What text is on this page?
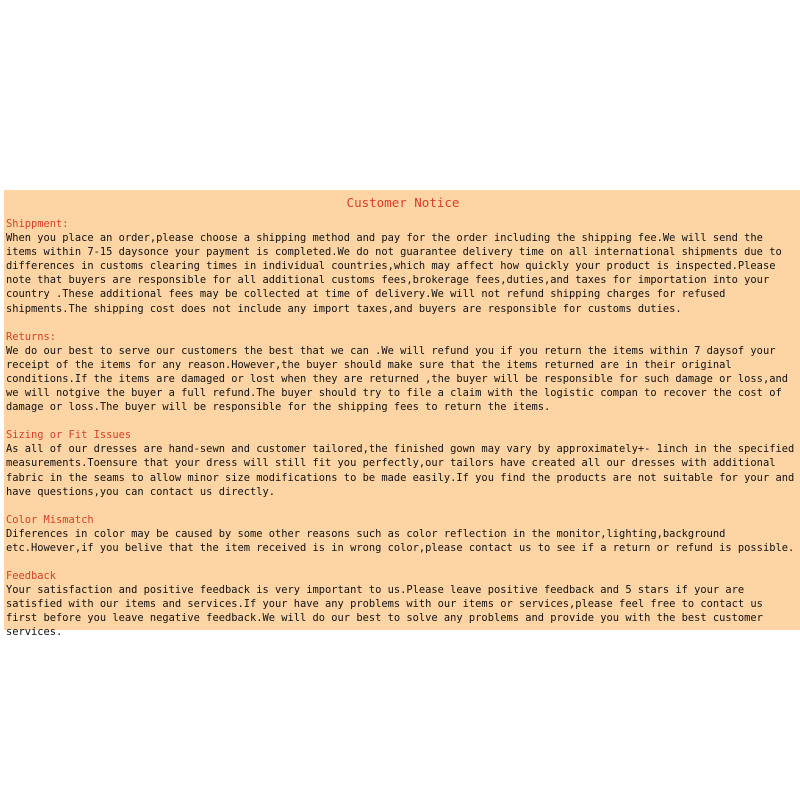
Customer Notice
Shippment:
When you place an order,please choose a shipping method and pay for the order including the shipping fee.We will send the items within 7-15 daysonce your payment is completed.We do not guarantee delivery time on all international shipments due to differences in customs clearing times in individual countries,which may affect how quickly your product is inspected.Please note that buyers are responsible for all additional customs fees,brokerage fees,duties,and taxes for importation into your country .These additional fees may be collected at time of delivery.We will not refund shipping charges for refused shipments.The shipping cost does not include any import taxes,and buyers are responsible for customs duties.
Returns:
We do our best to serve our customers the best that we can .We will refund you if you return the items within 7 daysof your receipt of the items for any reason.However,the buyer should make sure that the items returned are in their original conditions.If the items are damaged or lost when they are returned ,the buyer will be responsible for such damage or loss,and we will notgive the buyer a full refund.The buyer should try to file a claim with the logistic compan to recover the cost of damage or loss.The buyer will be responsible for the shipping fees to return the items.
Sizing or Fit Issues
As all of our dresses are hand-sewn and customer tailored,the finished gown may vary by approximately+- 1inch in the specified measurements.Toensure that your dress will still fit you perfectly,our tailors have created all our dresses with additional fabric in the seams to allow minor size modifications to be made easily.If you find the products are not suitable for your and have questions,you can contact us directly.
Color Mismatch
Diferences in color may be caused by some other reasons such as color reflection in the monitor,lighting,background etc.However,if you belive that the item received is in wrong color,please contact us to see if a return or refund is possible.
Feedback
Your satisfaction and positive feedback is very important to us.Please leave positive feedback and 5 stars if your are satisfied with our items and services.If your have any problems with our items or services,please feel free to contact us first before you leave negative feedback.We will do our best to solve any problems and provide you with the best customer services.
